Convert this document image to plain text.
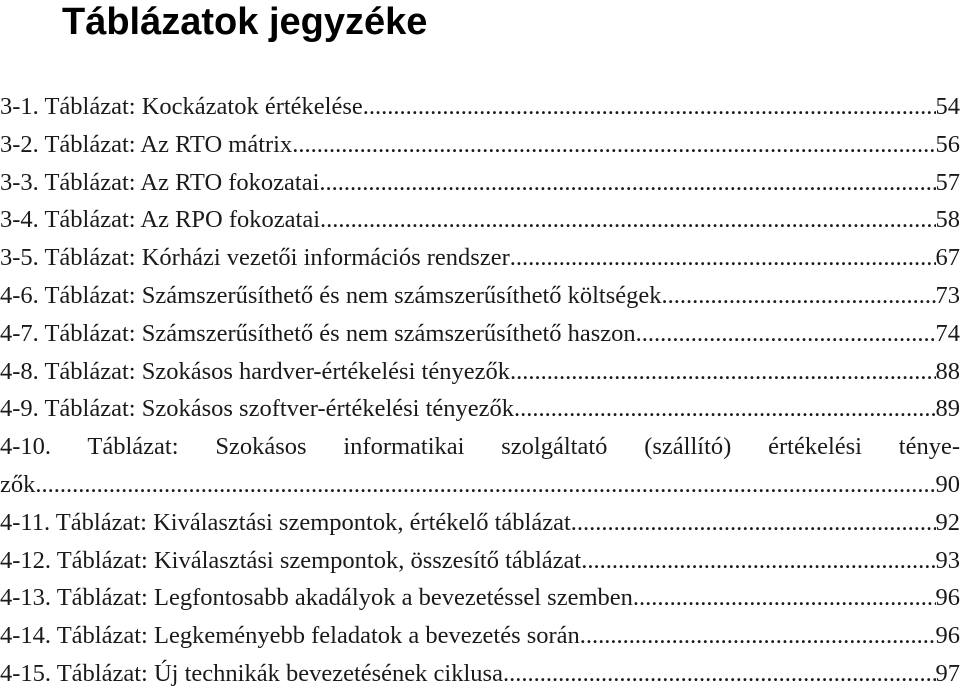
Táblázatok jegyzéke
3-1. Táblázat: Kockázatok értékelése .....	54
3-2. Táblázat: Az RTO mátrix .....	56
3-3. Táblázat: Az RTO fokozatai .....	57
3-4. Táblázat: Az RPO fokozatai .....	58
3-5. Táblázat: Kórházi vezetői információs rendszer .....	67
4-6. Táblázat: Számszerűsíthető és nem számszerűsíthető költségek .....	73
4-7. Táblázat: Számszerűsíthető és nem számszerűsíthető haszon .....	74
4-8. Táblázat: Szokásos hardver-értékelési tényezők .....	88
4-9. Táblázat: Szokásos szoftver-értékelési tényezők .....	89
4-10. Táblázat: Szokásos informatikai szolgáltató (szállító) értékelési ténye-
zők .....	90
4-11. Táblázat: Kiválasztási szempontok, értékelő táblázat .....	92
4-12. Táblázat: Kiválasztási szempontok, összesítő táblázat .....	93
4-13. Táblázat: Legfontosabb akadályok a bevezetéssel szemben .....	96
4-14. Táblázat: Legkeményebb feladatok a bevezetés során .....	96
4-15. Táblázat: Új technikák bevezetésének ciklusa .....	97
